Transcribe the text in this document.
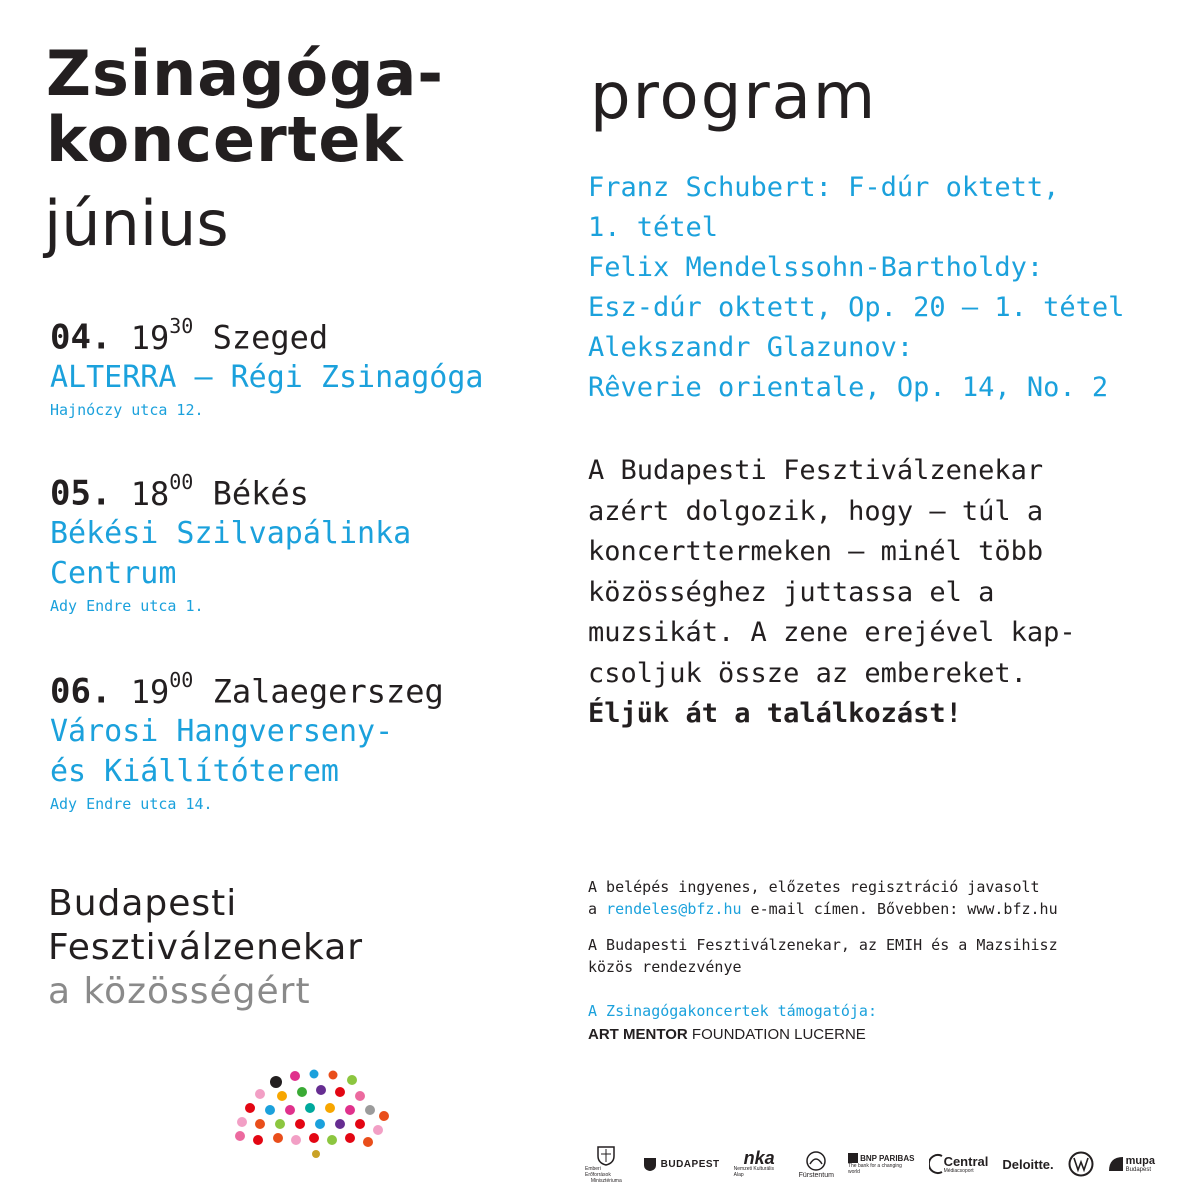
Zsinagóga-
koncertek
június
04. $19^{30}$ Szeged
ALTERRA – Régi Zsinagóga
Hajnóczy utca 12.
05. $18^{00}$ Békés
Békési Szilvapálinka
Centrum
Ady Endre utca 1.
06. $19^{00}$ Zalaegerszeg
Városi Hangverseny-
és Kiállítóterem
Ady Endre utca 14.
Budapesti
Fesztiválzenekar
a közösségért
program
Franz Schubert: F-dúr oktett,
1. tétel
Felix Mendelssohn-Bartholdy:
Esz-dúr oktett, Op. 20 – 1. tétel
Alekszandr Glazunov:
Rêverie orientale, Op. 14, No. 2
A Budapesti Fesztiválzenekar
azért dolgozik, hogy – túl a
koncerttermeken – minél több
közösséghez juttassa el a
muzsikát. A zene erejével kap-
csoljuk össze az embereket.
Éljük át a találkozást!
A belépés ingyenes, előzetes regisztráció javasolt
a rendeles@bfz.hu e-mail címen. Bővebben: www.bfz.hu
A Budapesti Fesztiválzenekar, az EMIH és a Mazsihisz
közös rendezvénye
A Zsinagógakoncertek támogatója:
ART MENTOR FOUNDATION LUCERNE
Emberi Erőforrások
Minisztériuma
BUDAPEST nka
Nemzeti Kulturális Alap	Fürstentum
BNP PARIBAS
The bank for a changing world
Central
Médiacsoport Deloitte.	mupa
Budapest
